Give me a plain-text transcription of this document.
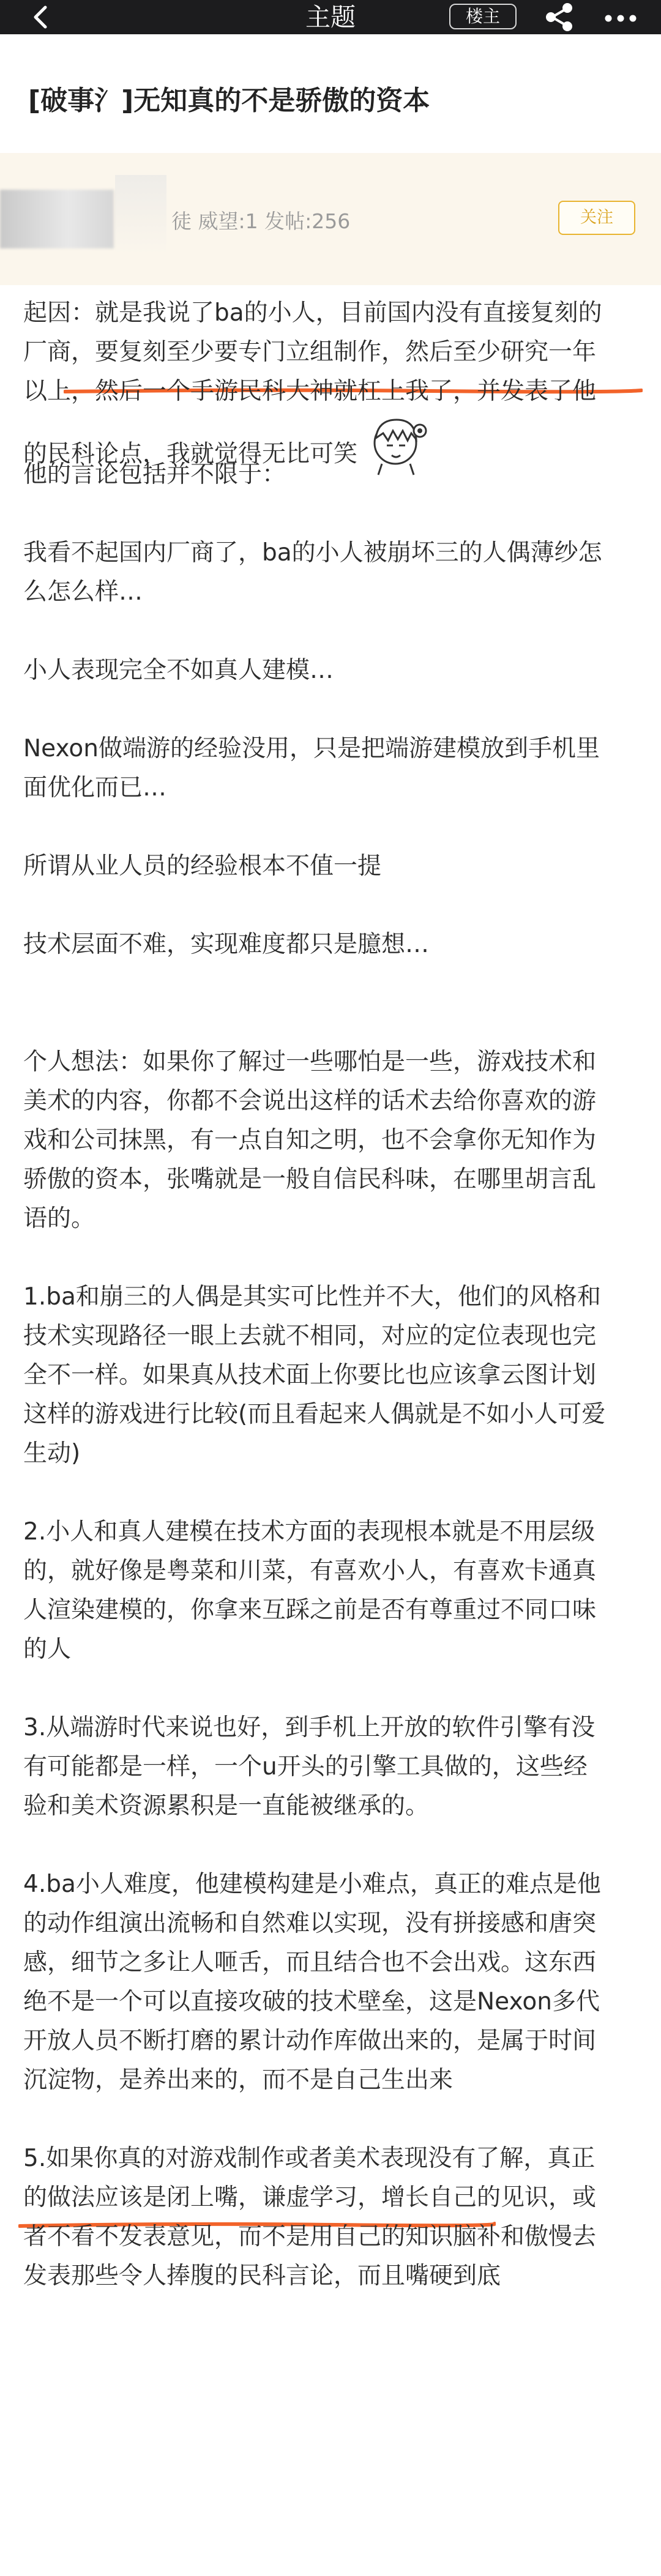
主题	楼主
[破事氵]无知真的不是骄傲的资本
徒 威望:1 发帖:256	关注

起因：就是我说了ba的小人，目前国内没有直接复刻的

厂商，要复刻至少要专门立组制作，然后至少研究一年

以上，然后一个手游民科大神就杠上我了，并发表了他

的民科论点，我就觉得无比可笑

他的言论包括并不限于：

我看不起国内厂商了，ba的小人被崩坏三的人偶薄纱怎

么怎么样…

小人表现完全不如真人建模…

Nexon做端游的经验没用，只是把端游建模放到手机里

面优化而已…

所谓从业人员的经验根本不值一提

技术层面不难，实现难度都只是臆想…

个人想法：如果你了解过一些哪怕是一些，游戏技术和

美术的内容，你都不会说出这样的话术去给你喜欢的游

戏和公司抹黑，有一点自知之明，也不会拿你无知作为

骄傲的资本，张嘴就是一般自信民科味，在哪里胡言乱

语的。

1.ba和崩三的人偶是其实可比性并不大，他们的风格和

技术实现路径一眼上去就不相同，对应的定位表现也完

全不一样。如果真从技术面上你要比也应该拿云图计划

这样的游戏进行比较(而且看起来人偶就是不如小人可爱

生动)

2.小人和真人建模在技术方面的表现根本就是不用层级

的，就好像是粤菜和川菜，有喜欢小人，有喜欢卡通真

人渲染建模的，你拿来互踩之前是否有尊重过不同口味

的人

3.从端游时代来说也好，到手机上开放的软件引擎有没

有可能都是一样，一个u开头的引擎工具做的，这些经

验和美术资源累积是一直能被继承的。

4.ba小人难度，他建模构建是小难点，真正的难点是他

的动作组演出流畅和自然难以实现，没有拼接感和唐突

感，细节之多让人咂舌，而且结合也不会出戏。这东西

绝不是一个可以直接攻破的技术壁垒，这是Nexon多代

开放人员不断打磨的累计动作库做出来的，是属于时间

沉淀物，是养出来的，而不是自己生出来

5.如果你真的对游戏制作或者美术表现没有了解，真正

的做法应该是闭上嘴，谦虚学习，增长自己的见识，或

者不看不发表意见，而不是用自己的知识脑补和傲慢去

发表那些令人捧腹的民科言论，而且嘴硬到底
